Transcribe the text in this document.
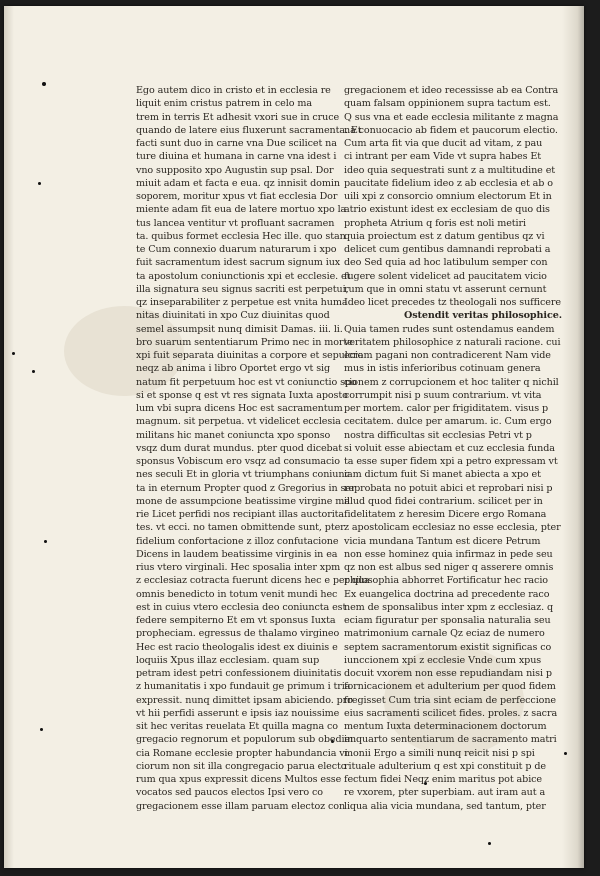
Ego autem dico in cristo et in ecclesia re
liquit enim cristus patrem in celo ma
trem in terris Et adhesit vxori sue in cruce
quando de latere eius fluxerunt sacramenta. Et
facti sunt duo in carne vna Due scilicet na
ture diuina et humana in carne vna idest i
vno supposito xpo Augustin sup psal. Dor
miuit adam et facta e eua. qz innisit domin
soporem, moritur xpus vt fiat ecclesia Dor
miente adam fit eua de latere mortuo xpo la
tus lancea ventitur vt profluant sacramen
ta. quibus formet ecclesia Hec ille. quo stan
te Cum connexio duarum naturarum i xpo
fuit sacramentum idest sacrum signum iux
ta apostolum coniunctionis xpi et ecclesie. et
illa signatura seu signus sacriti est perpetui,
qz inseparabiliter z perpetue est vnita huma
nitas diuinitati in xpo Cuz diuinitas quod
semel assumpsit nunq dimisit Damas. iii. li.
bro suarum sententiarum Primo nec in morte
xpi fuit separata diuinitas a corpore et sepulcro
neqz ab anima i libro Oportet ergo vt sig
natum fit perpetuum hoc est vt coniunctio spo
si et sponse q est vt res signata Iuxta aposto
lum vbi supra dicens Hoc est sacramentum
magnum. sit perpetua. vt videlicet ecclesia
militans hic manet coniuncta xpo sponso
vsqz dum durat mundus. pter quod dicebat
sponsus Vobiscum ero vsqz ad consumacio
nes seculi Et in gloria vt triumphans coniunc
ta in eternum Propter quod z Gregorius in ser
mone de assumpcione beatissime virgine ma
rie Licet perfidi nos recipiant illas auctorita
tes. vt ecci. no tamen obmittende sunt, pter
fidelium confortacione z illoz confutacione
Dicens in laudem beatissime virginis in ea
rius vtero virginali. Hec sposalia inter xpm
z ecclesiaz cotracta fuerunt dicens hec e per qua
omnis benedicto in totum venit mundi hec
est in cuius vtero ecclesia deo coniuncta est
federe sempiterno Et em vt sponsus Iuxta
propheciam. egressus de thalamo virgineo
Hec est racio theologalis idest ex diuinis e
loquiis Xpus illaz ecclesiam. quam sup
petram idest petri confessionem diuinitatis
z humanitatis i xpo fundauit ge primum i tria
expressit. nunq dimittet ipsam abiciendo. pro
vt hii perfidi asserunt e ipsis iaz nouissime
sit hec veritas reuelata Et quilla magna co
gregacio regnorum et populorum sub obedien
cia Romane ecclesie propter habundancia vi
ciorum non sit illa congregacio parua electo
rum qua xpus expressit dicens Multos esse
vocatos sed paucos electos Ipsi vero co
gregacionem esse illam paruam electoz con
gregacionem et ideo recessisse ab ea Contra
quam falsam oppinionem supra tactum est.
Q sus vna et eade ecclesia militante z magna
na conuocacio ab fidem et paucorum electio.
Cum arta fit via que ducit ad vitam, z pau
ci intrant per eam Vide vt supra habes Et
ideo quia sequestrati sunt z a multitudine et
paucitate fidelium ideo z ab ecclesia et ab o
uili xpi z consorcio omnium electorum Et in
atrio existunt idest ex ecclesiam de quo dis
propheta Atrium q foris est noli metiri
quia proiectum est z datum gentibus qz vi
delicet cum gentibus damnandi reprobati a
deo Sed quia ad hoc latibulum semper con
fugere solent videlicet ad paucitatem vicio
rum que in omni statu vt asserunt cernunt
Ideo licet precedes tz theologali nos sufficere
Ostendit veritas philosophice.
Quia tamen rudes sunt ostendamus eandem
veritatem philosophice z naturali racione. cui
eciam pagani non contradicerent Nam vide
mus in istis inferioribus cotinuam genera
cionem z corrupcionem et hoc taliter q nichil
corrumpit nisi p suum contrarium. vt vita
per mortem. calor per frigiditatem. visus p
cecitatem. dulce per amarum. ic. Cum ergo
nostra difficultas sit ecclesias Petri vt p
si voluit esse abiectam et cuz ecclesia funda
ta esse super fidem xpi a petro expressam vt
iam dictum fuit Si manet abiecta a xpo et
reprobata no potuit abici et reprobari nisi p
illud quod fidei contrarium. scilicet per in
fidelitatem z heresim Dicere ergo Romana
z apostolicam ecclesiaz no esse ecclesia, pter
vicia mundana Tantum est dicere Petrum
non esse hominez quia infirmaz in pede seu
qz non est albus sed niger q asserere omnis
philosophia abhorret Fortificatur hec racio
Ex euangelica doctrina ad precedente raco
nem de sponsalibus inter xpm z ecclesiaz. q
eciam figuratur per sponsalia naturalia seu
matrimonium carnale Qz eciaz de numero
septem sacramentorum existit significas co
iunccionem xpi z ecclesie Vnde cum xpus
docuit vxorem non esse repudiandam nisi p
fornicacionem et adulterium per quod fidem
fregisset Cum tria sint eciam de perfeccione
eius sacramenti scilicet fides. proles. z sacra
mentum Iuxta determinacionem doctorum
in quarto sententiarum de sacramento matri
monii Ergo a simili nunq reicit nisi p spi
rituale adulterium q est xpi constituit p de
fectum fidei Neqz enim maritus pot abice
re vxorem, pter superbiam. aut iram aut a
liqua alia vicia mundana, sed tantum, pter
